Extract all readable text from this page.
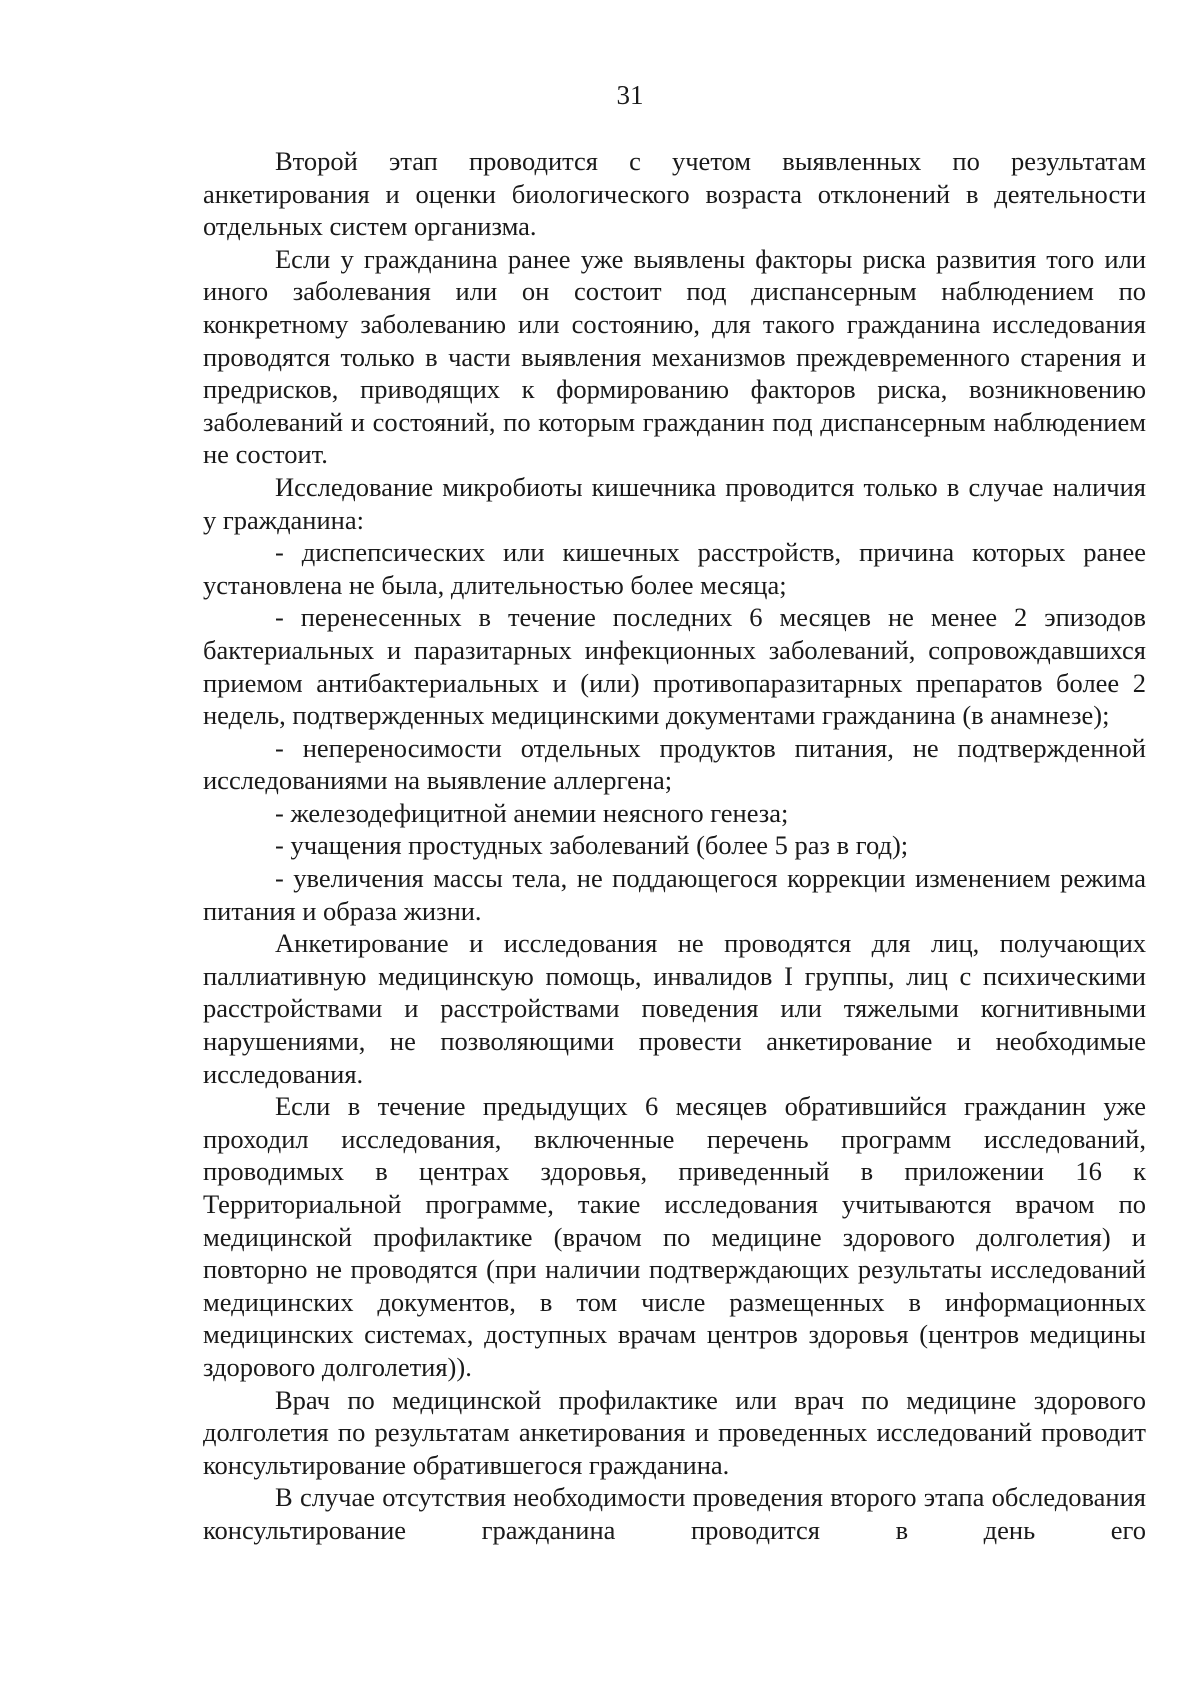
31

Второй этап проводится с учетом выявленных по результатам анкетирования и оценки биологического возраста отклонений в деятельности отдельных систем организма.

Если у гражданина ранее уже выявлены факторы риска развития того или иного заболевания или он состоит под диспансерным наблюдением по конкретному заболеванию или состоянию, для такого гражданина исследования проводятся только в части выявления механизмов преждевременного старения и предрисков, приводящих к формированию факторов риска, возникновению заболеваний и состояний, по которым гражданин под диспансерным наблюдением не состоит.

Исследование микробиоты кишечника проводится только в случае наличия у гражданина:

- диспепсических или кишечных расстройств, причина которых ранее установлена не была, длительностью более месяца;

- перенесенных в течение последних 6 месяцев не менее 2 эпизодов бактериальных и паразитарных инфекционных заболеваний, сопровождавшихся приемом антибактериальных и (или) противопаразитарных препаратов более 2 недель, подтвержденных медицинскими документами гражданина (в анамнезе);

- непереносимости отдельных продуктов питания, не подтвержденной исследованиями на выявление аллергена;

- железодефицитной анемии неясного генеза;

- учащения простудных заболеваний (более 5 раз в год);

- увеличения массы тела, не поддающегося коррекции изменением режима питания и образа жизни.

Анкетирование и исследования не проводятся для лиц, получающих паллиативную медицинскую помощь, инвалидов I группы, лиц с психическими расстройствами и расстройствами поведения или тяжелыми когнитивными нарушениями, не позволяющими провести анкетирование и необходимые исследования.

Если в течение предыдущих 6 месяцев обратившийся гражданин уже проходил исследования, включенные перечень программ исследований, проводимых в центрах здоровья, приведенный в приложении 16 к Территориальной программе, такие исследования учитываются врачом по медицинской профилактике (врачом по медицине здорового долголетия) и повторно не проводятся (при наличии подтверждающих результаты исследований медицинских документов, в том числе размещенных в информационных медицинских системах, доступных врачам центров здоровья (центров медицины здорового долголетия)).

Врач по медицинской профилактике или врач по медицине здорового долголетия по результатам анкетирования и проведенных исследований проводит консультирование обратившегося гражданина.

В случае отсутствия необходимости проведения второго этапа обследования консультирование гражданина проводится в день его
